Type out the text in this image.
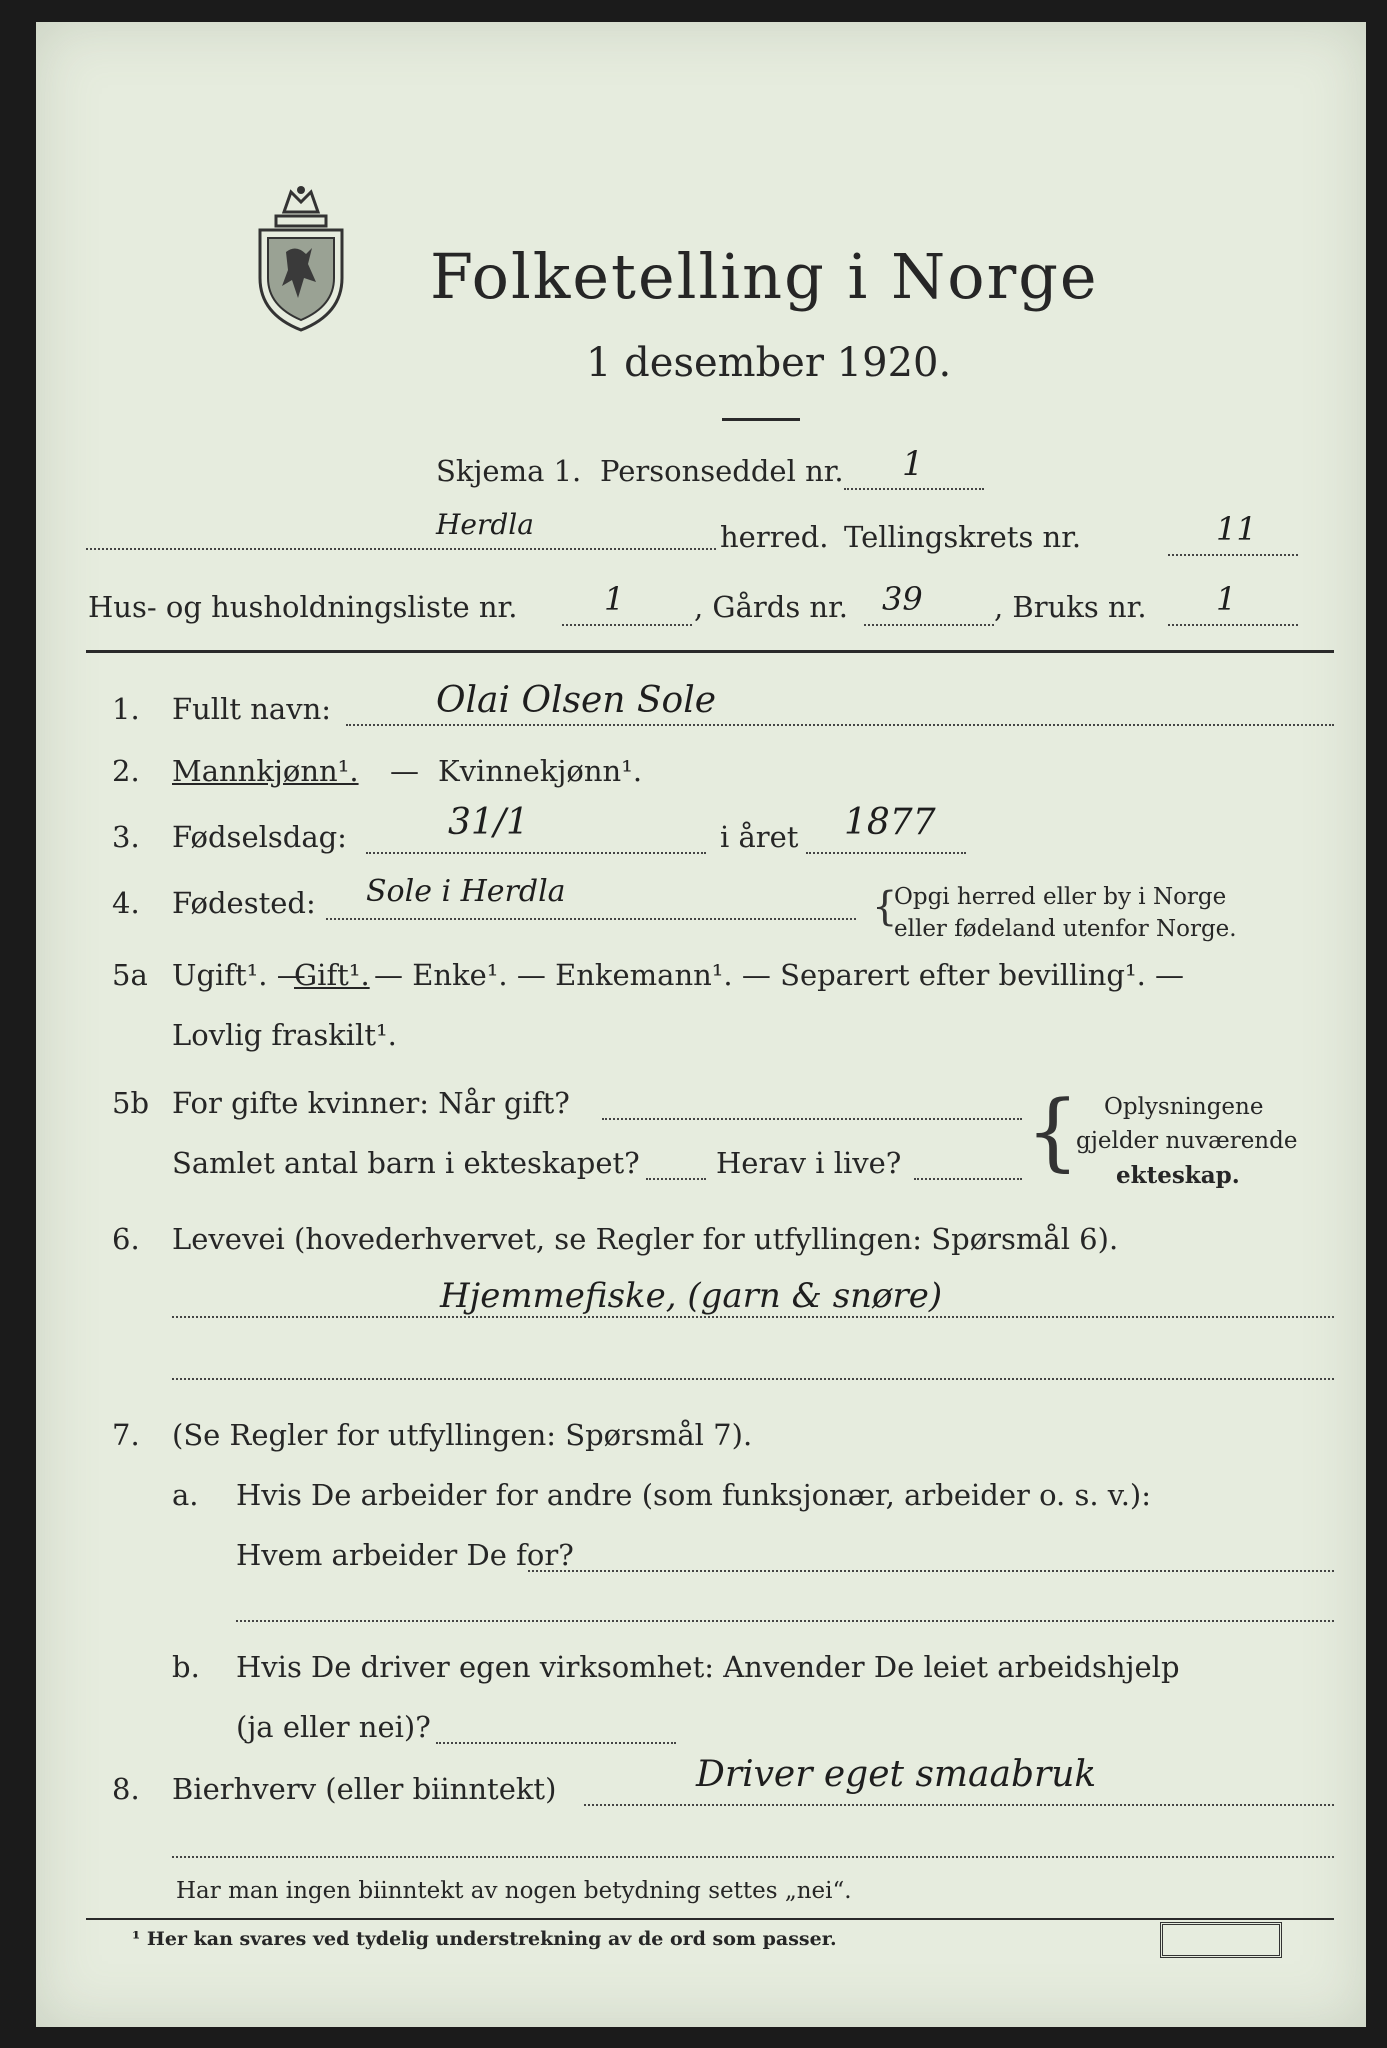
Folketelling i Norge
1 desember 1920.
Skjema 1. Personseddel nr. 1
Herdla	herred. Tellingskrets nr.	11
Hus- og husholdningsliste nr.	1 , Gårds nr. 39 , Bruks nr. 1
1. Fullt navn:	Olai Olsen Sole
2. Mannkjønn¹. — Kvinnekjønn¹.
3. Fødselsdag:	31/1	i året 1877
4. Fødested: Sole i Herdla	{
Opgi herred eller by i Norge
eller fødeland utenfor Norge.
5a Ugift¹. —
Gift¹. — Enke¹. — Enkemann¹. — Separert efter bevilling¹. —
Lovlig fraskilt¹.
5b For gifte kvinner: Når gift?
Samlet antal barn i ekteskapet?	Herav i live? { Oplysningene
gjelder nuværende
ekteskap.
6. Levevei (hovederhvervet, se Regler for utfyllingen: Spørsmål 6).
Hjemmefiske, (garn & snøre)
7. (Se Regler for utfyllingen: Spørsmål 7).
a. Hvis De arbeider for andre (som funksjonær, arbeider o. s. v.):
Hvem arbeider De for?
b. Hvis De driver egen virksomhet: Anvender De leiet arbeidshjelp
(ja eller nei)?
8. Bierhverv (eller biinntekt)	Driver eget smaabruk
Har man ingen biinntekt av nogen betydning settes „nei“.
¹ Her kan svares ved tydelig understrekning av de ord som passer.
